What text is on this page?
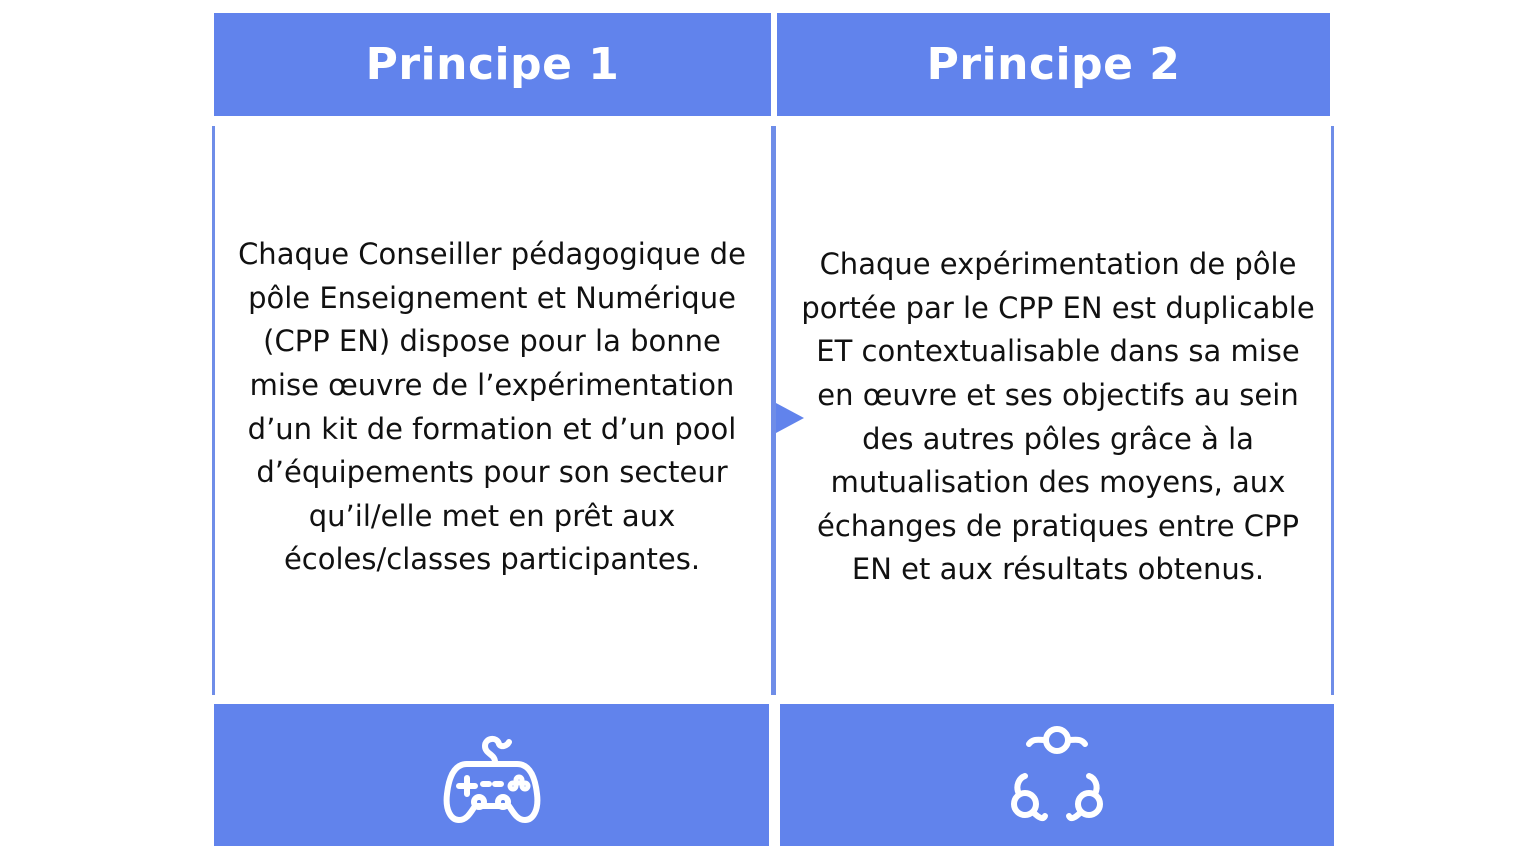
Principe 1	Principe 2
Chaque Conseiller pédagogique de pôle Enseignement et Numérique (CPP EN) dispose pour la bonne mise œuvre de l’expérimentation d’un kit de formation et d’un pool d’équipements pour son secteur qu’il/elle met en prêt aux écoles/classes participantes.
Chaque expérimentation de pôle portée par le CPP EN est duplicable ET contextualisable dans sa mise en œuvre et ses objectifs au sein des autres pôles grâce à la mutualisation des moyens, aux échanges de pratiques entre CPP EN et aux résultats obtenus.
